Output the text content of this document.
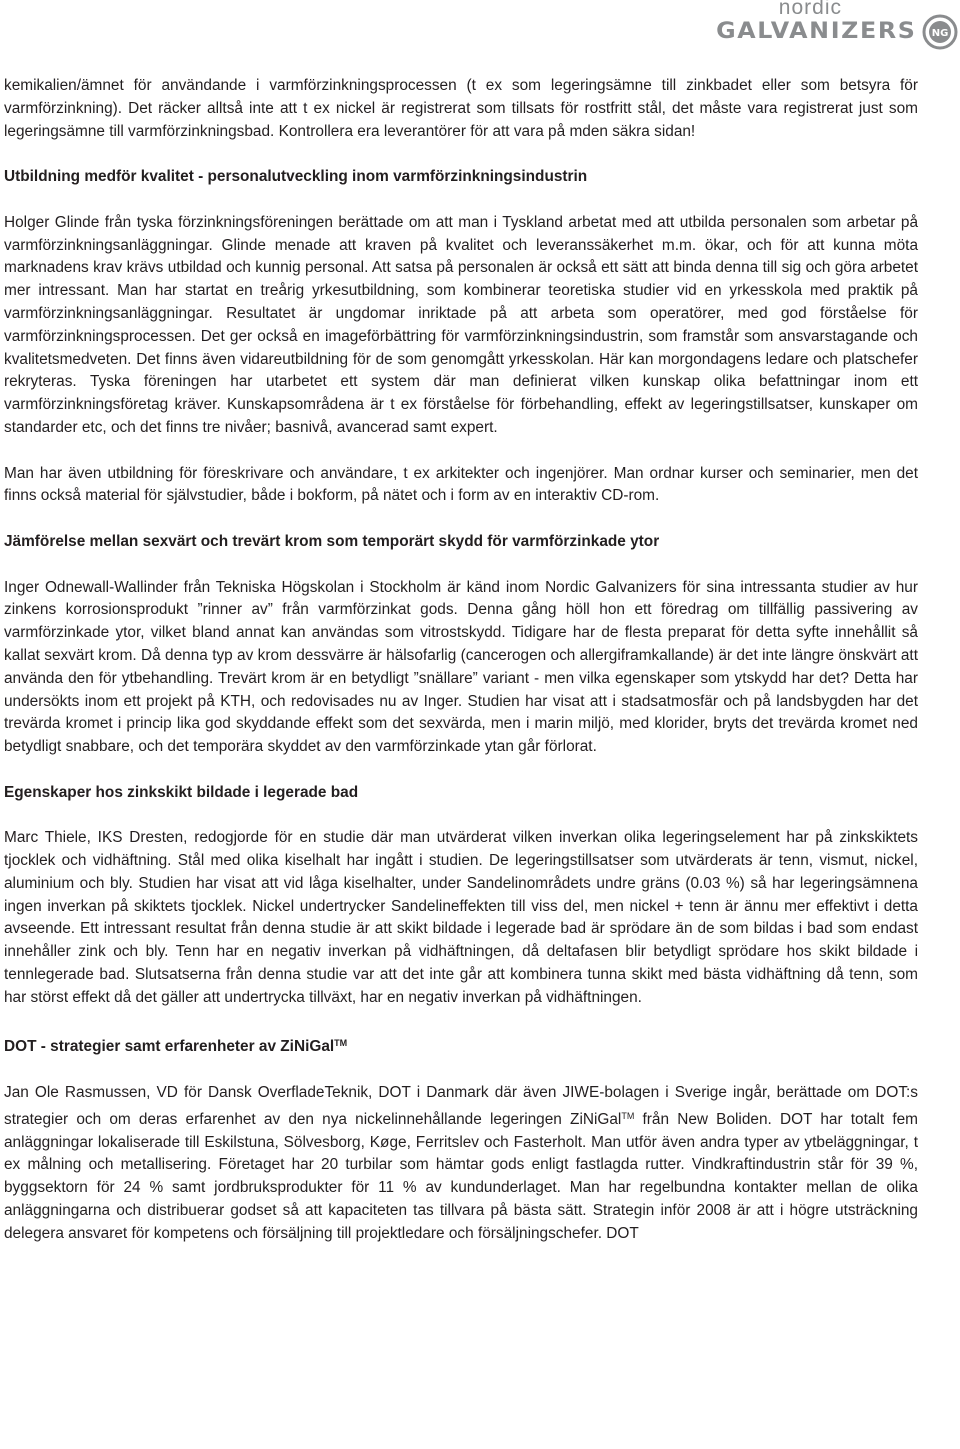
nordic
GALVANIZERS NG

kemikalien/ämnet för användande i varmförzinkningsprocessen (t ex som legeringsämne till zinkbadet eller som betsyra för varmförzinkning). Det räcker alltså inte att t ex nickel är registrerat som tillsats för rostfritt stål, det måste vara registrerat just som legeringsämne till varmförzinkningsbad. Kontrollera era leverantörer för att vara på mden säkra sidan!

Utbildning medför kvalitet - personalutveckling inom varmförzinkningsindustrin

Holger Glinde från tyska förzinkningsföreningen berättade om att man i Tyskland arbetat med att utbilda personalen som arbetar på varmförzinkningsanläggningar. Glinde menade att kraven på kvalitet och leveranssäkerhet m.m. ökar, och för att kunna möta marknadens krav krävs utbildad och kunnig personal. Att satsa på personalen är också ett sätt att binda denna till sig och göra arbetet mer intressant. Man har startat en treårig yrkesutbildning, som kombinerar teoretiska studier vid en yrkesskola med praktik på varmförzinkningsanläggningar. Resultatet är ungdomar inriktade på att arbeta som operatörer, med god förståelse för varmförzinkningsprocessen. Det ger också en imageförbättring för varmförzinkningsindustrin, som framstår som ansvarstagande och kvalitetsmedveten. Det finns även vidareutbildning för de som genomgått yrkesskolan. Här kan morgondagens ledare och platschefer rekryteras. Tyska föreningen har utarbetet ett system där man definierat vilken kunskap olika befattningar inom ett varmförzinkningsföretag kräver. Kunskapsområdena är t ex förståelse för förbehandling, effekt av legeringstillsatser, kunskaper om standarder etc, och det finns tre nivåer; basnivå, avancerad samt expert.

Man har även utbildning för föreskrivare och användare, t ex arkitekter och ingenjörer. Man ordnar kurser och seminarier, men det finns också material för självstudier, både i bokform, på nätet och i form av en interaktiv CD-rom.

Jämförelse mellan sexvärt och trevärt krom som temporärt skydd för varmförzinkade ytor

Inger Odnewall-Wallinder från Tekniska Högskolan i Stockholm är känd inom Nordic Galvanizers för sina intressanta studier av hur zinkens korrosionsprodukt ”rinner av” från varmförzinkat gods. Denna gång höll hon ett föredrag om tillfällig passivering av varmförzinkade ytor, vilket bland annat kan användas som vitrostskydd. Tidigare har de flesta preparat för detta syfte innehållit så kallat sexvärt krom. Då denna typ av krom dessvärre är hälsofarlig (cancerogen och allergiframkallande) är det inte längre önskvärt att använda den för ytbehandling. Trevärt krom är en betydligt ”snällare” variant - men vilka egenskaper som ytskydd har det? Detta har undersökts inom ett projekt på KTH, och redovisades nu av Inger. Studien har visat att i stadsatmosfär och på landsbygden har det trevärda kromet i princip lika god skyddande effekt som det sexvärda, men i marin miljö, med klorider, bryts det trevärda kromet ned betydligt snabbare, och det temporära skyddet av den varmförzinkade ytan går förlorat.

Egenskaper hos zinkskikt bildade i legerade bad

Marc Thiele, IKS Dresten, redogjorde för en studie där man utvärderat vilken inverkan olika legeringselement har på zinkskiktets tjocklek och vidhäftning. Stål med olika kiselhalt har ingått i studien. De legeringstillsatser som utvärderats är tenn, vismut, nickel, aluminium och bly. Studien har visat att vid låga kiselhalter, under Sandelinområdets undre gräns (0.03 %) så har legeringsämnena ingen inverkan på skiktets tjocklek. Nickel undertrycker Sandelineffekten till viss del, men nickel + tenn är ännu mer effektivt i detta avseende. Ett intressant resultat från denna studie är att skikt bildade i legerade bad är sprödare än de som bildas i bad som endast innehåller zink och bly. Tenn har en negativ inverkan på vidhäftningen, då deltafasen blir betydligt sprödare hos skikt bildade i tennlegerade bad. Slutsatserna från denna studie var att det inte går att kombinera tunna skikt med bästa vidhäftning då tenn, som har störst effekt då det gäller att undertrycka tillväxt, har en negativ inverkan på vidhäftningen.

DOT - strategier samt erfarenheter av ZiNiGal™

Jan Ole Rasmussen, VD för Dansk OverfladeTeknik, DOT i Danmark där även JIWE-bolagen i Sverige ingår, berättade om DOT:s strategier och om deras erfarenhet av den nya nickelinnehållande legeringen ZiNiGal™ från New Boliden. DOT har totalt fem anläggningar lokaliserade till Eskilstuna, Sölvesborg, Køge, Ferritslev och Fasterholt. Man utför även andra typer av ytbeläggningar, t ex målning och metallisering. Företaget har 20 turbilar som hämtar gods enligt fastlagda rutter. Vindkraftindustrin står för 39 %, byggsektorn för 24 % samt jordbruksprodukter för 11 % av kundunderlaget. Man har regelbundna kontakter mellan de olika anläggningarna och distribuerar godset så att kapaciteten tas tillvara på bästa sätt. Strategin inför 2008 är att i högre utsträckning delegera ansvaret för kompetens och försäljning till projektledare och försäljningschefer. DOT
